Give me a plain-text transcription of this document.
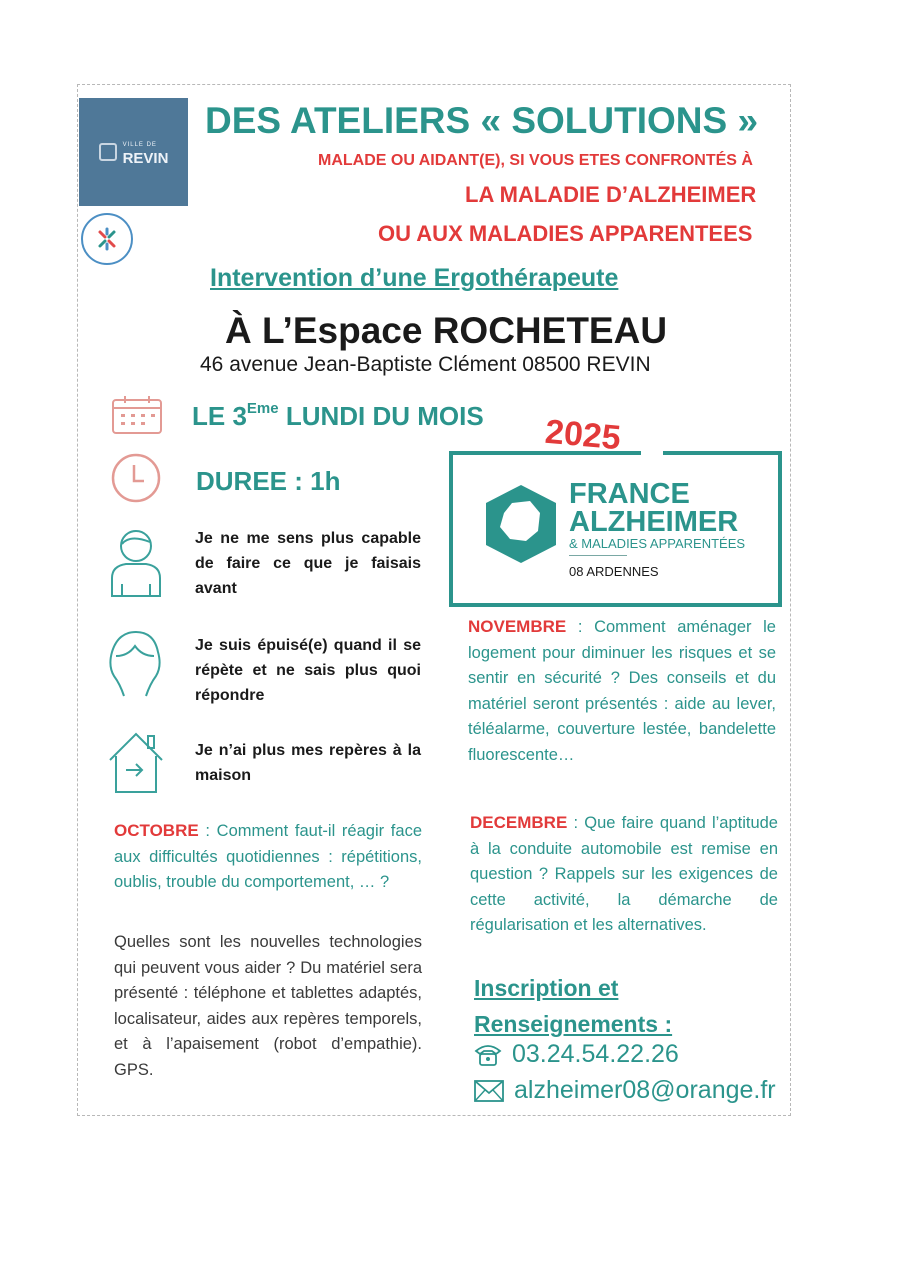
VILLE DE
REVIN
DES ATELIERS « SOLUTIONS »
MALADE OU AIDANT(E), SI VOUS ETES CONFRONTÉS À
LA MALADIE D’ALZHEIMER
OU AUX MALADIES APPARENTEES
Intervention d’une Ergothérapeute
À L’Espace ROCHETEAU
46 avenue Jean-Baptiste Clément 08500 REVIN
LE 3Eme LUNDI DU MOIS 2025
DUREE : 1h
Je ne me sens plus capable de faire ce que je faisais avant
Je suis épuisé(e) quand il se répète et ne sais plus quoi répondre
Je n’ai plus mes repères à la maison
FRANCE
ALZHEIMER
& MALADIES APPARENTÉES
08 ARDENNES
NOVEMBRE : Comment aménager le logement pour diminuer les risques et se sentir en sécurité ? Des conseils et du matériel seront présentés : aide au lever, téléalarme, couverture lestée, bandelette fluorescente…
DECEMBRE : Que faire quand l’aptitude à la conduite automobile est remise en question ? Rappels sur les exigences de cette activité, la démarche de régularisation et les alternatives.
OCTOBRE : Comment faut-il réagir face aux difficultés quotidiennes : répétitions, oublis, trouble du comportement, … ?
Quelles sont les nouvelles technologies qui peuvent vous aider ? Du matériel sera présenté : téléphone et tablettes adaptés, localisateur, aides aux repères temporels, et à l’apaisement (robot d’empathie). GPS.
Inscription et
Renseignements :
03.24.54.22.26
alzheimer08@orange.fr
